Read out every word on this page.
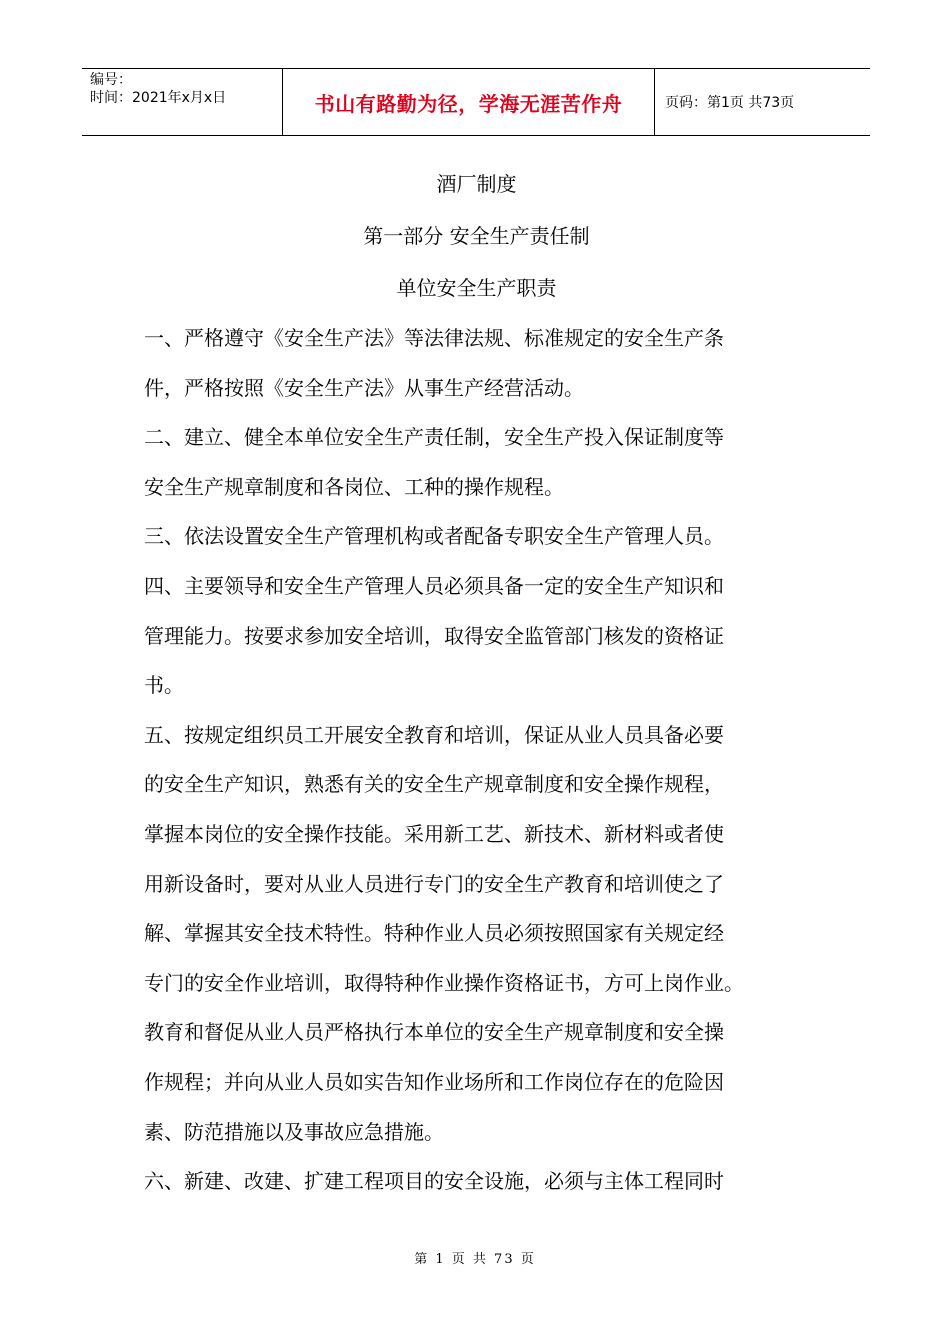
编号：
时间：2021年x月x日	书山有路勤为径，学海无涯苦作舟	页码：第1页 共73页

酒厂制度

第一部分 安全生产责任制

单位安全生产职责

一、严格遵守《安全生产法》等法律法规、标准规定的安全生产条
件，严格按照《安全生产法》从事生产经营活动。

二、建立、健全本单位安全生产责任制，安全生产投入保证制度等
安全生产规章制度和各岗位、工种的操作规程。

三、依法设置安全生产管理机构或者配备专职安全生产管理人员。

四、主要领导和安全生产管理人员必须具备一定的安全生产知识和
管理能力。按要求参加安全培训，取得安全监管部门核发的资格证
书。

五、按规定组织员工开展安全教育和培训，保证从业人员具备必要
的安全生产知识，熟悉有关的安全生产规章制度和安全操作规程，
掌握本岗位的安全操作技能。采用新工艺、新技术、新材料或者使
用新设备时，要对从业人员进行专门的安全生产教育和培训使之了
解、掌握其安全技术特性。特种作业人员必须按照国家有关规定经
专门的安全作业培训，取得特种作业操作资格证书，方可上岗作业。
教育和督促从业人员严格执行本单位的安全生产规章制度和安全操
作规程；并向从业人员如实告知作业场所和工作岗位存在的危险因
素、防范措施以及事故应急措施。

六、新建、改建、扩建工程项目的安全设施，必须与主体工程同时

第 1 页 共 73 页
